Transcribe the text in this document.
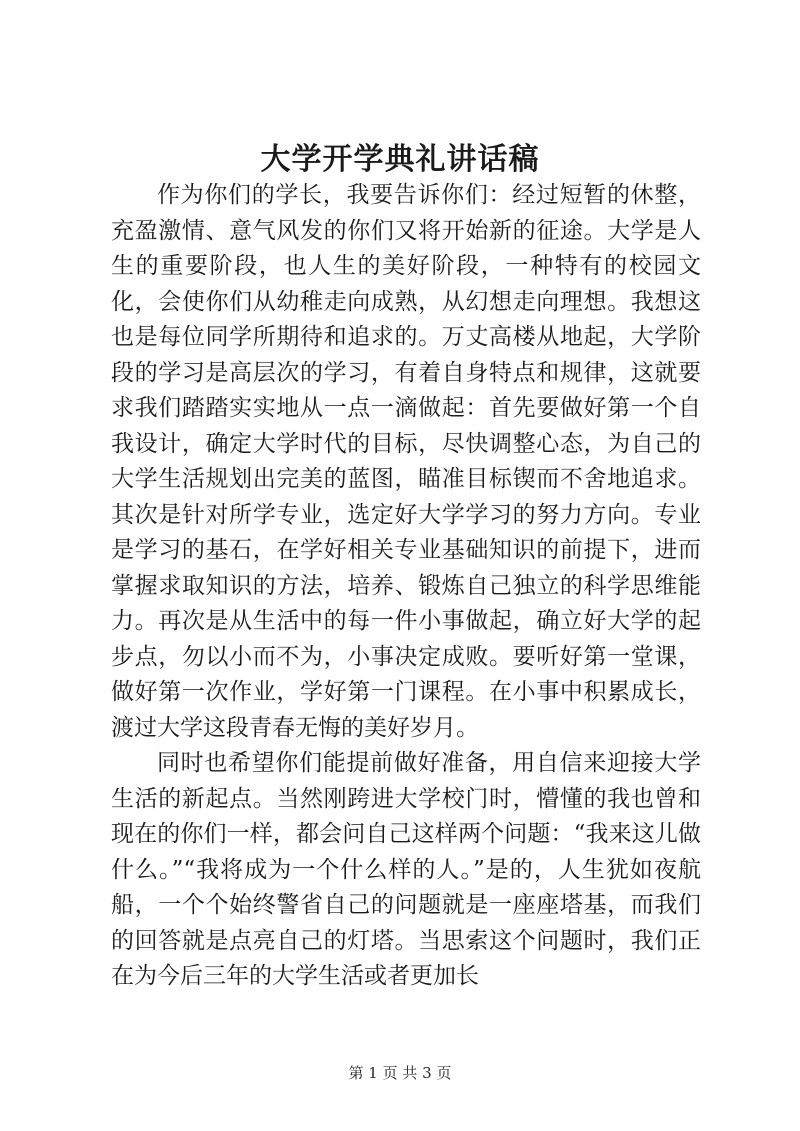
大学开学典礼讲话稿

作为你们的学长，我要告诉你们：经过短暂的休整，充盈激情、意气风发的你们又将开始新的征途。大学是人生的重要阶段，也人生的美好阶段，一种特有的校园文化，会使你们从幼稚走向成熟，从幻想走向理想。我想这也是每位同学所期待和追求的。万丈高楼从地起，大学阶段的学习是高层次的学习，有着自身特点和规律，这就要求我们踏踏实实地从一点一滴做起：首先要做好第一个自我设计，确定大学时代的目标，尽快调整心态，为自己的大学生活规划出完美的蓝图，瞄准目标锲而不舍地追求。其次是针对所学专业，选定好大学学习的努力方向。专业是学习的基石，在学好相关专业基础知识的前提下，进而掌握求取知识的方法，培养、锻炼自己独立的科学思维能力。再次是从生活中的每一件小事做起，确立好大学的起步点，勿以小而不为，小事决定成败。要听好第一堂课，做好第一次作业，学好第一门课程。在小事中积累成长，渡过大学这段青春无悔的美好岁月。

同时也希望你们能提前做好准备，用自信来迎接大学生活的新起点。当然刚跨进大学校门时，懵懂的我也曾和现在的你们一样，都会问自己这样两个问题：“我来这儿做什么。”“我将成为一个什么样的人。”是的，人生犹如夜航船，一个个始终警省自己的问题就是一座座塔基，而我们的回答就是点亮自己的灯塔。当思索这个问题时，我们正在为今后三年的大学生活或者更加长

第 1 页 共 3 页
